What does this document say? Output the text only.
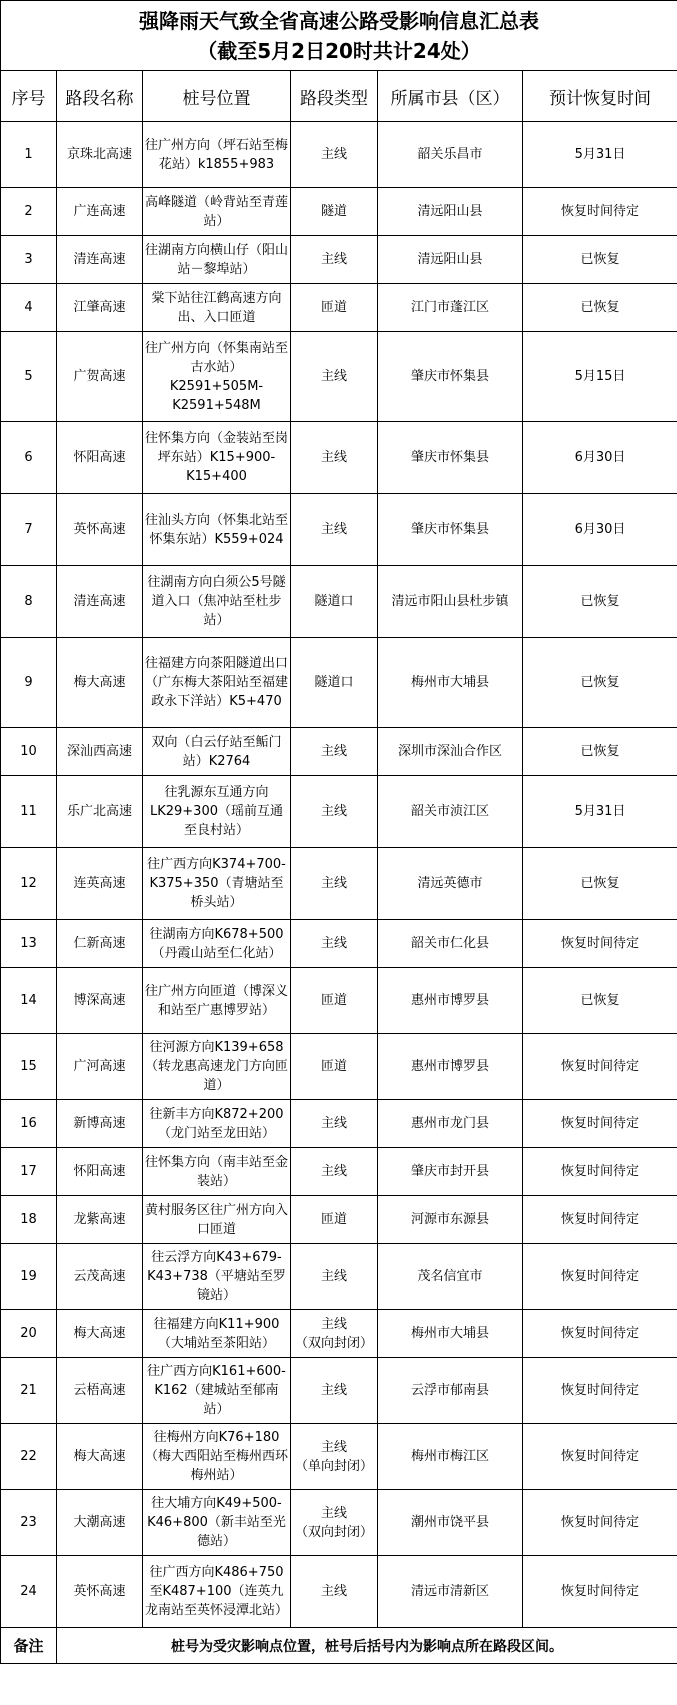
强降雨天气致全省高速公路受影响信息汇总表
（截至5月2日20时共计24处）					

序号	路段名称	桩号位置	路段类型	所属市县（区）	预计恢复时间
1	京珠北高速	往广州方向（坪石站至梅花站）k1855+983	主线	韶关乐昌市	5月31日
2	广连高速	高峰隧道（岭背站至青莲站）	隧道	清远阳山县	恢复时间待定
3	清连高速	往湖南方向横山仔（阳山站－黎埠站）	主线	清远阳山县	已恢复
4	江肇高速	棠下站往江鹤高速方向出、入口匝道	匝道	江门市蓬江区	已恢复
5	广贺高速	往广州方向（怀集南站至古水站）K2591+505M-K2591+548M	主线	肇庆市怀集县	5月15日
6	怀阳高速	往怀集方向（金装站至岗坪东站）K15+900-K15+400	主线	肇庆市怀集县	6月30日
7	英怀高速	往汕头方向（怀集北站至怀集东站）K559+024	主线	肇庆市怀集县	6月30日
8	清连高速	往湖南方向白须公5号隧道入口（焦冲站至杜步站）	隧道口	清远市阳山县杜步镇	已恢复
9	梅大高速	往福建方向茶阳隧道出口（广东梅大茶阳站至福建政永下洋站）K5+470	隧道口	梅州市大埔县	已恢复
10	深汕西高速	双向（白云仔站至鲘门站）K2764	主线	深圳市深汕合作区	已恢复
11	乐广北高速	往乳源东互通方向LK29+300（瑶前互通至良村站）	主线	韶关市浈江区	5月31日
12	连英高速	往广西方向K374+700-K375+350（青塘站至桥头站）	主线	清远英德市	已恢复
13	仁新高速	往湖南方向K678+500（丹霞山站至仁化站）	主线	韶关市仁化县	恢复时间待定
14	博深高速	往广州方向匝道（博深义和站至广惠博罗站）	匝道	惠州市博罗县	已恢复
15	广河高速	往河源方向K139+658（转龙惠高速龙门方向匝道）	匝道	惠州市博罗县	恢复时间待定
16	新博高速	往新丰方向K872+200（龙门站至龙田站）	主线	惠州市龙门县	恢复时间待定
17	怀阳高速	往怀集方向（南丰站至金装站）	主线	肇庆市封开县	恢复时间待定
18	龙紫高速	黄村服务区往广州方向入口匝道	匝道	河源市东源县	恢复时间待定
19	云茂高速	往云浮方向K43+679-K43+738（平塘站至罗镜站）	主线	茂名信宜市	恢复时间待定
20	梅大高速	往福建方向K11+900（大埔站至茶阳站）	主线
（双向封闭）	梅州市大埔县	恢复时间待定
21	云梧高速	往广西方向K161+600-K162（建城站至郁南站）	主线	云浮市郁南县	恢复时间待定
22	梅大高速	往梅州方向K76+180（梅大西阳站至梅州西环梅州站）	主线
（单向封闭）	梅州市梅江区	恢复时间待定
23	大潮高速	往大埔方向K49+500-K46+800（新丰站至光德站）	主线
（双向封闭）	潮州市饶平县	恢复时间待定
24	英怀高速	往广西方向K486+750至K487+100（连英九龙南站至英怀浸潭北站）	主线	清远市清新区	恢复时间待定
备注	桩号为受灾影响点位置，桩号后括号内为影响点所在路段区间。				
